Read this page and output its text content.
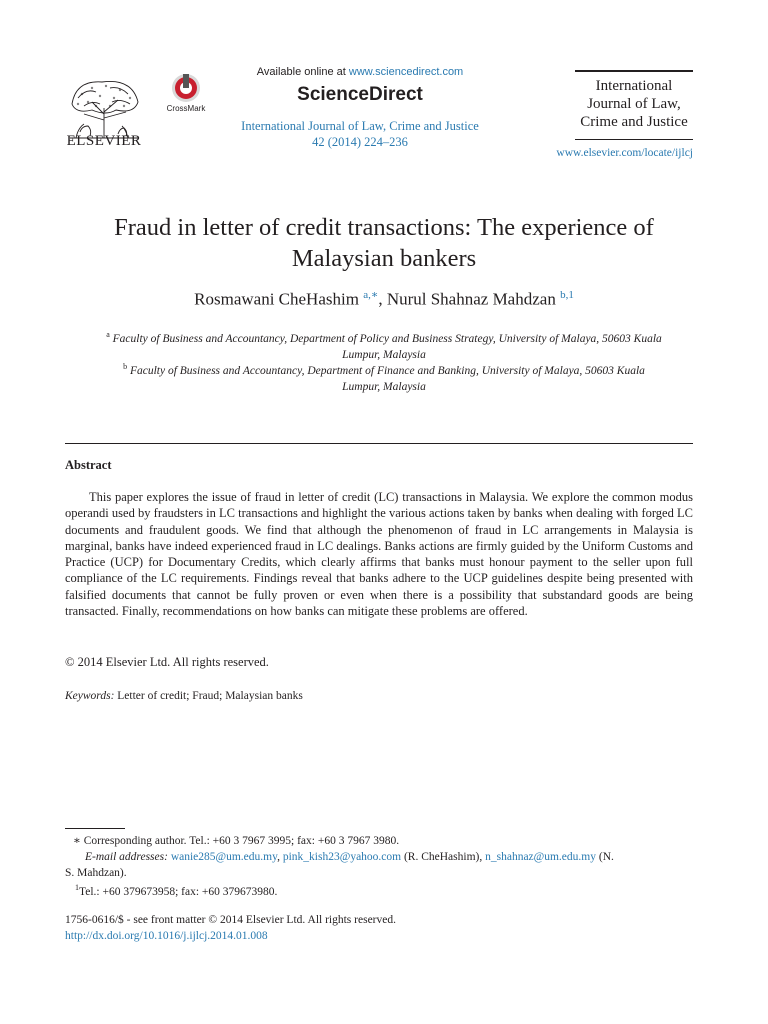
ELSEVIER
CrossMark
Available online at www.sciencedirect.com
ScienceDirect
International Journal of Law, Crime and Justice
42 (2014) 224–236
International
Journal of Law,
Crime and Justice
www.elsevier.com/locate/ijlcj
Fraud in letter of credit transactions: The experience of
Malaysian bankers
Rosmawani CheHashim $^{a,∗}$, Nurul Shahnaz Mahdzan $^{b,1}$
$^a$ Faculty of Business and Accountancy, Department of Policy and Business Strategy, University of Malaya, 50603 Kuala
Lumpur, Malaysia
$^b$ Faculty of Business and Accountancy, Department of Finance and Banking, University of Malaya, 50603 Kuala
Lumpur, Malaysia
Abstract
This paper explores the issue of fraud in letter of credit (LC) transactions in Malaysia. We explore the common modus operandi used by fraudsters in LC transactions and highlight the various actions taken by banks when dealing with forged LC documents and fraudulent goods. We find that although the phenomenon of fraud in LC arrangements in Malaysia is marginal, banks have indeed experienced fraud in LC dealings. Banks actions are firmly guided by the Uniform Customs and Practice (UCP) for Documentary Credits, which clearly affirms that banks must honour payment to the seller upon full compliance of the LC requirements. Findings reveal that banks adhere to the UCP guidelines despite being presented with falsified documents that cannot be fully proven or even when there is a possibility that substandard goods are being transacted. Finally, recommendations on how banks can mitigate these problems are offered.
© 2014 Elsevier Ltd. All rights reserved.
Keywords: Letter of credit; Fraud; Malaysian banks
∗ Corresponding author. Tel.: +60 3 7967 3995; fax: +60 3 7967 3980.
E-mail addresses: wanie285@um.edu.my, pink_kish23@yahoo.com (R. CheHashim), n_shahnaz@um.edu.my (N.
S. Mahdzan).
$^1$Tel.: +60 379673958; fax: +60 379673980.
1756-0616/$ - see front matter © 2014 Elsevier Ltd. All rights reserved.
http://dx.doi.org/10.1016/j.ijlcj.2014.01.008
